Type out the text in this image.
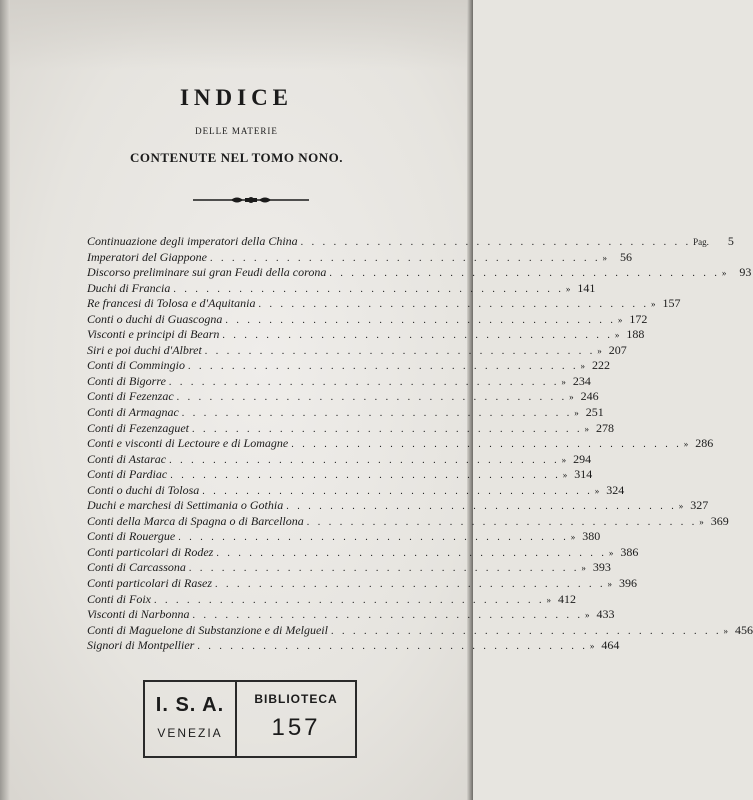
INDICE
DELLE MATERIE
CONTENUTE NEL TOMO NONO.
Continuazione degli imperatori della China . . . . . . . . . . . . . . . . . . . . . . . . . . . . . . . . . . . . Pag.	5
Imperatori del Giappone . . . . . . . . . . . . . . . . . . . . . . . . . . . . . . . . . . . . »	56
Discorso preliminare sui gran Feudi della corona . . . . . . . . . . . . . . . . . . . . . . . . . . . . . . . . . . . . »	93
Duchi di Francia . . . . . . . . . . . . . . . . . . . . . . . . . . . . . . . . . . . . » 141
Re francesi di Tolosa e d'Aquitania . . . . . . . . . . . . . . . . . . . . . . . . . . . . . . . . . . . . » 157
Conti o duchi di Guascogna . . . . . . . . . . . . . . . . . . . . . . . . . . . . . . . . . . . . » 172
Visconti e principi di Bearn . . . . . . . . . . . . . . . . . . . . . . . . . . . . . . . . . . . . » 188
Siri e poi duchi d'Albret . . . . . . . . . . . . . . . . . . . . . . . . . . . . . . . . . . . . » 207
Conti di Commingio . . . . . . . . . . . . . . . . . . . . . . . . . . . . . . . . . . . . » 222
Conti di Bigorre . . . . . . . . . . . . . . . . . . . . . . . . . . . . . . . . . . . . » 234
Conti di Fezenzac . . . . . . . . . . . . . . . . . . . . . . . . . . . . . . . . . . . . » 246
Conti di Armagnac . . . . . . . . . . . . . . . . . . . . . . . . . . . . . . . . . . . . » 251
Conti di Fezenzaguet . . . . . . . . . . . . . . . . . . . . . . . . . . . . . . . . . . . . » 278
Conti e visconti di Lectoure e di Lomagne . . . . . . . . . . . . . . . . . . . . . . . . . . . . . . . . . . . . » 286
Conti di Astarac . . . . . . . . . . . . . . . . . . . . . . . . . . . . . . . . . . . . » 294
Conti di Pardiac . . . . . . . . . . . . . . . . . . . . . . . . . . . . . . . . . . . . » 314
Conti o duchi di Tolosa . . . . . . . . . . . . . . . . . . . . . . . . . . . . . . . . . . . . » 324
Duchi e marchesi di Settimania o Gothia . . . . . . . . . . . . . . . . . . . . . . . . . . . . . . . . . . . . » 327
Conti della Marca di Spagna o di Barcellona . . . . . . . . . . . . . . . . . . . . . . . . . . . . . . . . . . . . » 369
Conti di Rouergue . . . . . . . . . . . . . . . . . . . . . . . . . . . . . . . . . . . . » 380
Conti particolari di Rodez . . . . . . . . . . . . . . . . . . . . . . . . . . . . . . . . . . . . » 386
Conti di Carcassona . . . . . . . . . . . . . . . . . . . . . . . . . . . . . . . . . . . . » 393
Conti particolari di Rasez . . . . . . . . . . . . . . . . . . . . . . . . . . . . . . . . . . . . » 396
Conti di Foix . . . . . . . . . . . . . . . . . . . . . . . . . . . . . . . . . . . . » 412
Visconti di Narbonna . . . . . . . . . . . . . . . . . . . . . . . . . . . . . . . . . . . . » 433
Conti di Maguelone di Substanzione e di Melgueil . . . . . . . . . . . . . . . . . . . . . . . . . . . . . . . . . . . . » 456
Signori di Montpellier . . . . . . . . . . . . . . . . . . . . . . . . . . . . . . . . . . . . » 464
I. S. A.
VENEZIA
BIBLIOTECA
157
